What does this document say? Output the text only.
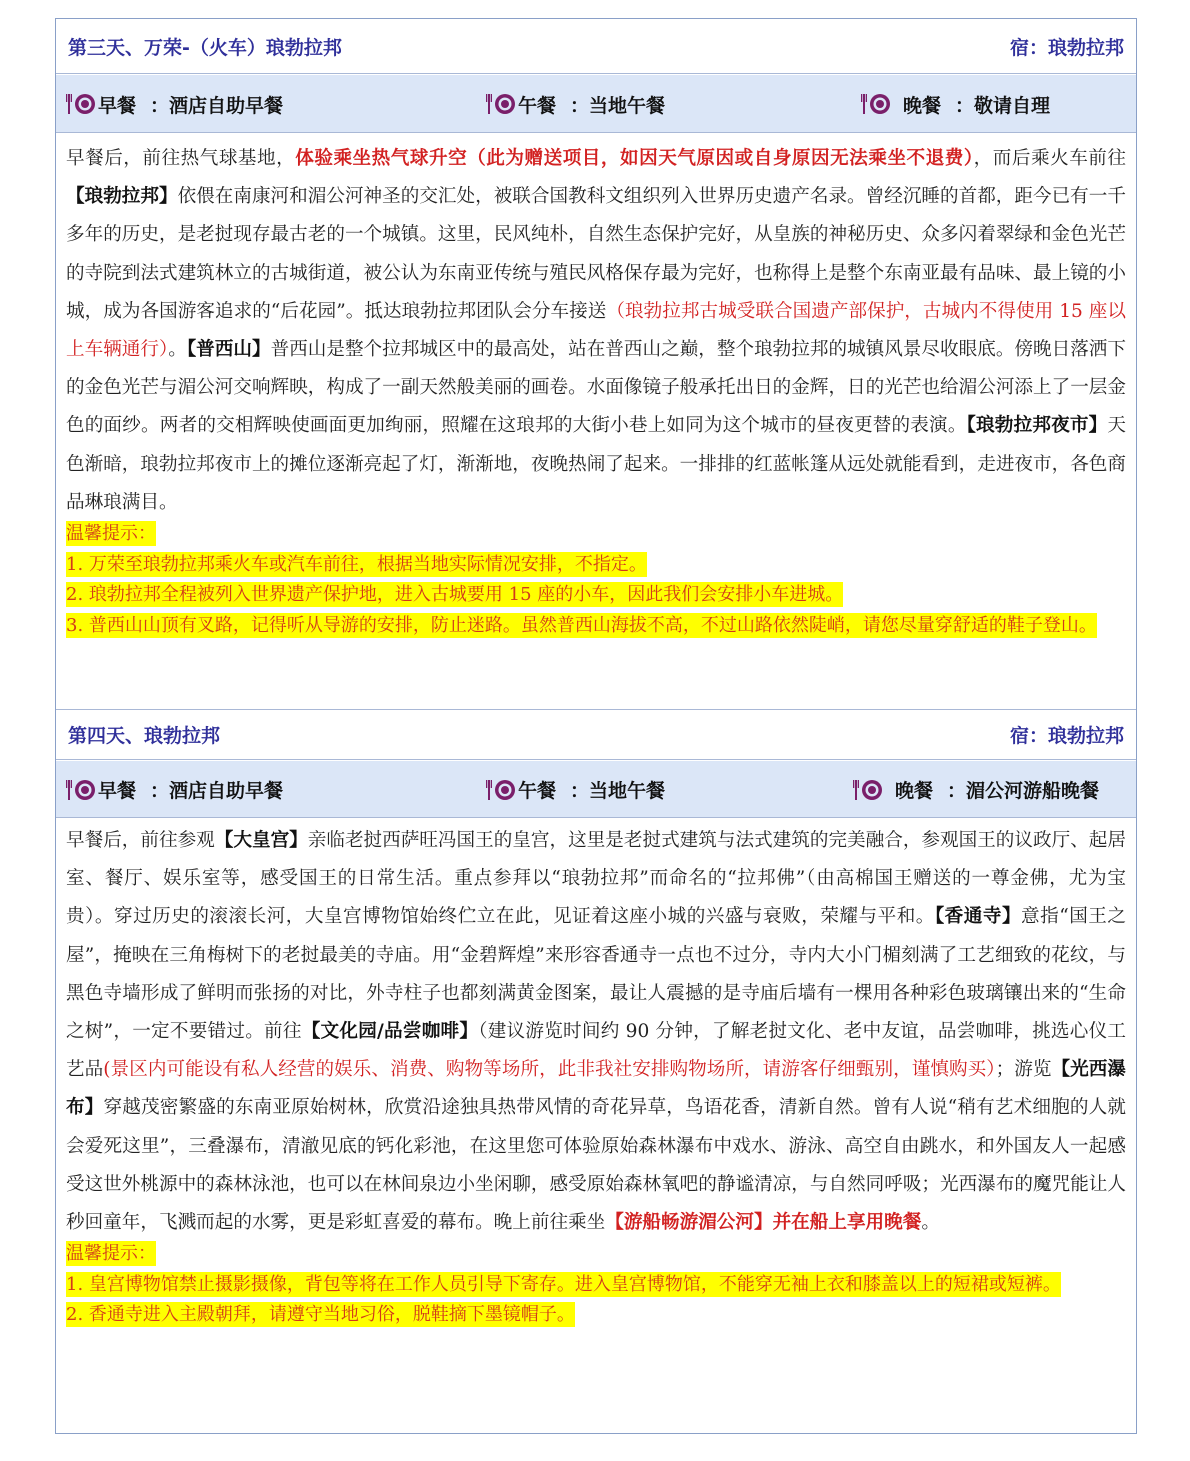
第三天、万荣-（火车）琅勃拉邦	宿：琅勃拉邦
早餐 ：酒店自助早餐	午餐 ：当地午餐	晚餐 ：敬请自理

早餐后，前往热气球基地，体验乘坐热气球升空（此为赠送项目，如因天气原因或自身原因无法乘坐不退费），而后乘火车前往【琅勃拉邦】依偎在南康河和湄公河神圣的交汇处，被联合国教科文组织列入世界历史遗产名录。曾经沉睡的首都，距今已有一千多年的历史，是老挝现存最古老的一个城镇。这里，民风纯朴，自然生态保护完好，从皇族的神秘历史、众多闪着翠绿和金色光芒的寺院到法式建筑林立的古城街道，被公认为东南亚传统与殖民风格保存最为完好，也称得上是整个东南亚最有品味、最上镜的小城，成为各国游客追求的“后花园”。抵达琅勃拉邦团队会分车接送（琅勃拉邦古城受联合国遗产部保护，古城内不得使用 15 座以上车辆通行）。【普西山】普西山是整个拉邦城区中的最高处，站在普西山之巅，整个琅勃拉邦的城镇风景尽收眼底。傍晚日落洒下的金色光芒与湄公河交响辉映，构成了一副天然般美丽的画卷。水面像镜子般承托出日的金辉，日的光芒也给湄公河添上了一层金色的面纱。两者的交相辉映使画面更加绚丽，照耀在这琅邦的大街小巷上如同为这个城市的昼夜更替的表演。【琅勃拉邦夜市】天色渐暗，琅勃拉邦夜市上的摊位逐渐亮起了灯，渐渐地，夜晚热闹了起来。一排排的红蓝帐篷从远处就能看到，走进夜市，各色商品琳琅满目。

温馨提示：
1. 万荣至琅勃拉邦乘火车或汽车前往，根据当地实际情况安排，不指定。
2. 琅勃拉邦全程被列入世界遗产保护地，进入古城要用 15 座的小车，因此我们会安排小车进城。
3. 普西山山顶有叉路，记得听从导游的安排，防止迷路。虽然普西山海拔不高，不过山路依然陡峭，请您尽量穿舒适的鞋子登山。
第四天、琅勃拉邦	宿：琅勃拉邦
早餐 ：酒店自助早餐	午餐 ：当地午餐	晚餐 ：湄公河游船晚餐

早餐后，前往参观【大皇宫】亲临老挝西萨旺冯国王的皇宫，这里是老挝式建筑与法式建筑的完美融合，参观国王的议政厅、起居室、餐厅、娱乐室等，感受国王的日常生活。重点参拜以“琅勃拉邦”而命名的“拉邦佛”（由高棉国王赠送的一尊金佛，尤为宝贵）。穿过历史的滚滚长河，大皇宫博物馆始终伫立在此，见证着这座小城的兴盛与衰败，荣耀与平和。【香通寺】意指“国王之屋”，掩映在三角梅树下的老挝最美的寺庙。用“金碧辉煌”来形容香通寺一点也不过分，寺内大小门楣刻满了工艺细致的花纹，与黑色寺墙形成了鲜明而张扬的对比，外寺柱子也都刻满黄金图案，最让人震撼的是寺庙后墙有一棵用各种彩色玻璃镶出来的“生命之树”，一定不要错过。前往【文化园/品尝咖啡】（建议游览时间约 90 分钟，了解老挝文化、老中友谊，品尝咖啡，挑选心仪工艺品(景区内可能设有私人经营的娱乐、消费、购物等场所，此非我社安排购物场所，请游客仔细甄别，谨慎购买）；游览【光西瀑布】穿越茂密繁盛的东南亚原始树林，欣赏沿途独具热带风情的奇花异草，鸟语花香，清新自然。曾有人说“稍有艺术细胞的人就会爱死这里”，三叠瀑布，清澈见底的钙化彩池，在这里您可体验原始森林瀑布中戏水、游泳、高空自由跳水，和外国友人一起感受这世外桃源中的森林泳池，也可以在林间泉边小坐闲聊，感受原始森林氧吧的静谧清凉，与自然同呼吸；光西瀑布的魔咒能让人秒回童年，飞溅而起的水雾，更是彩虹喜爱的幕布。晚上前往乘坐【游船畅游湄公河】并在船上享用晚餐。

温馨提示：
1. 皇宫博物馆禁止摄影摄像，背包等将在工作人员引导下寄存。进入皇宫博物馆，不能穿无袖上衣和膝盖以上的短裙或短裤。
2. 香通寺进入主殿朝拜，请遵守当地习俗，脱鞋摘下墨镜帽子。
